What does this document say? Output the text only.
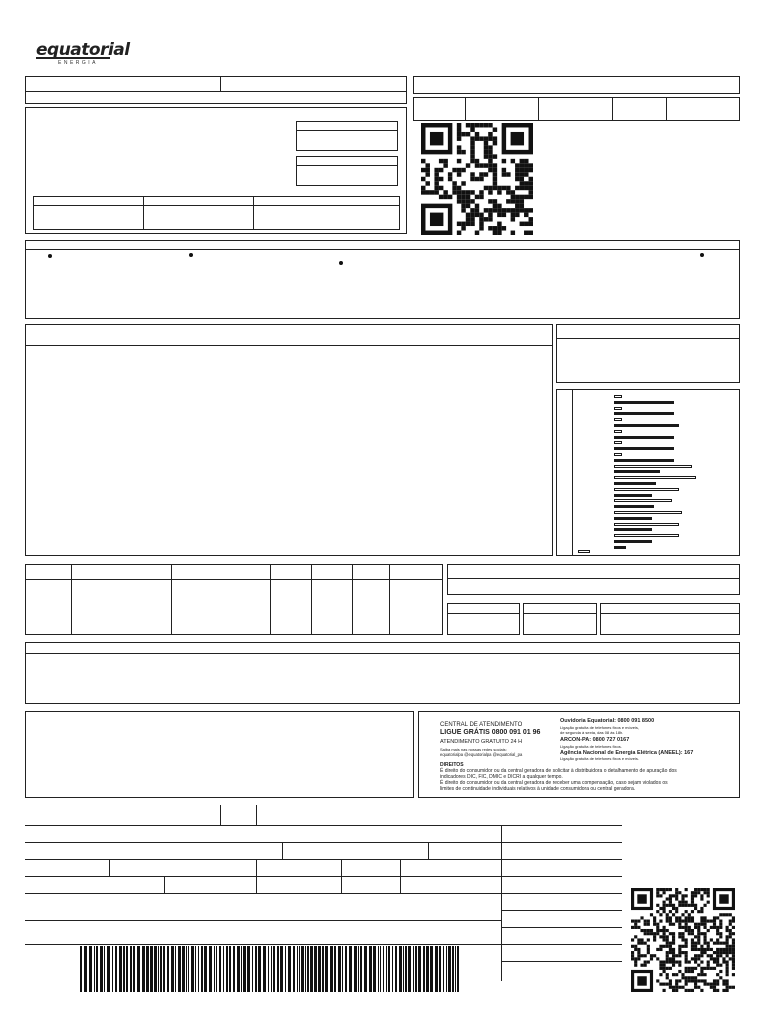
equatorial
ENERGIA
CENTRAL DE ATENDIMENTO
LIGUE GRÁTIS 0800 091 01 96
ATENDIMENTO GRATUITO 24 H
Saiba mais nas nossas redes sociais:
equatorialpa @equatorialpa @equatorial_pa
Ouvidoria Equatorial: 0800 091 8500
Ligação gratuita de telefones fixos e móveis,
de segunda à sexta, das 08 às 18h.
ARCON-PA: 0800 727 0167
Ligação gratuita de telefones fixos.
Agência Nacional de Energia Elétrica (ANEEL): 167
Ligação gratuita de telefones fixos e móveis.
DIREITOS
É direito do consumidor ou da central geradora de solicitar à distribuidora o detalhamento de apuração dos
indicadores DIC, FIC, DMIC e DICRI a qualquer tempo.
É direito do consumidor ou da central geradora de receber uma compensação, caso sejam violados os
limites de continuidade individuais relativos à unidade consumidora ou central geradora.
